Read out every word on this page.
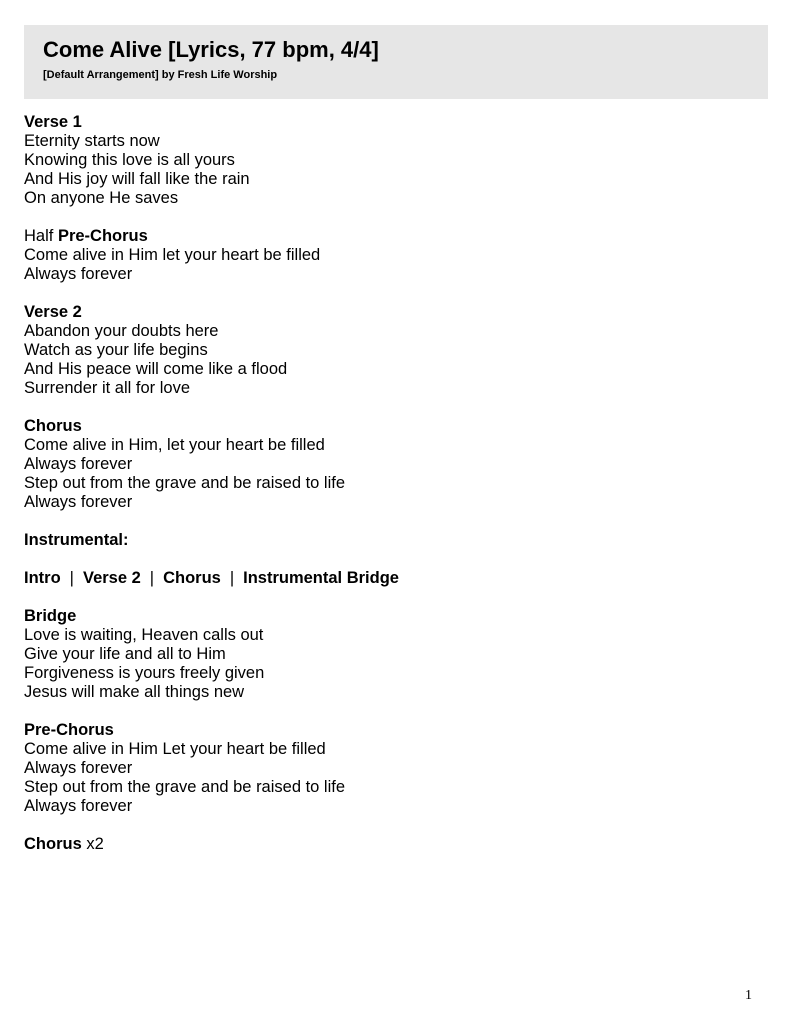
Come Alive [Lyrics, 77 bpm, 4/4]
[Default Arrangement] by Fresh Life Worship
Verse 1
Eternity starts now
Knowing this love is all yours
And His joy will fall like the rain
On anyone He saves
Half Pre-Chorus
Come alive in Him let your heart be filled
Always forever
Verse 2
Abandon your doubts here
Watch as your life begins
And His peace will come like a flood
Surrender it all for love
Chorus
Come alive in Him, let your heart be filled
Always forever
Step out from the grave and be raised to life
Always forever
Instrumental:
Intro | Verse 2 | Chorus | Instrumental Bridge
Bridge
Love is waiting, Heaven calls out
Give your life and all to Him
Forgiveness is yours freely given
Jesus will make all things new
Pre-Chorus
Come alive in Him Let your heart be filled
Always forever
Step out from the grave and be raised to life
Always forever
Chorus x2
1
